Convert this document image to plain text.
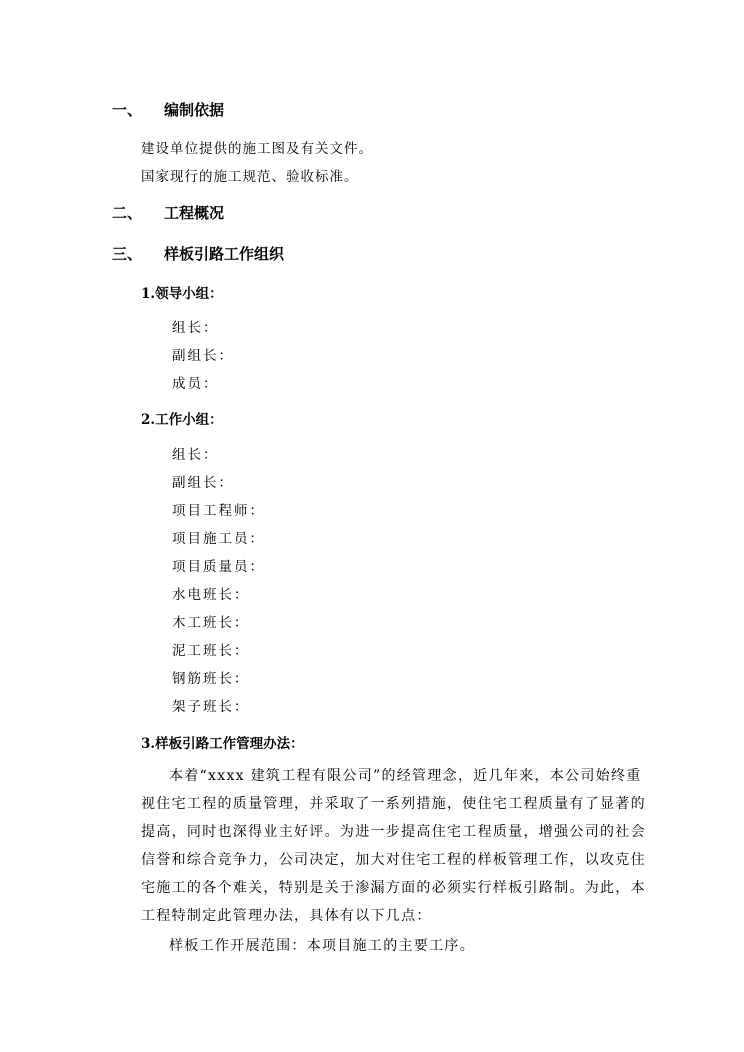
一、 编制依据
建设单位提供的施工图及有关文件。
国家现行的施工规范、验收标准。
二、 工程概况
三、 样板引路工作组织
1.领导小组：
组长：
副组长：
成员：
2.工作小组：
组长：
副组长：
项目工程师：
项目施工员：
项目质量员：
水电班长：
木工班长：
泥工班长：
钢筋班长：
架子班长：
3.样板引路工作管理办法：
本着“xxxx 建筑工程有限公司”的经管理念，近几年来，本公司始终重
视住宅工程的质量管理，并采取了一系列措施，使住宅工程质量有了显著的
提高，同时也深得业主好评。为进一步提高住宅工程质量，增强公司的社会
信誉和综合竞争力，公司决定，加大对住宅工程的样板管理工作，以攻克住
宅施工的各个难关，特别是关于渗漏方面的必须实行样板引路制。为此，本
工程特制定此管理办法，具体有以下几点：
样板工作开展范围：本项目施工的主要工序。
